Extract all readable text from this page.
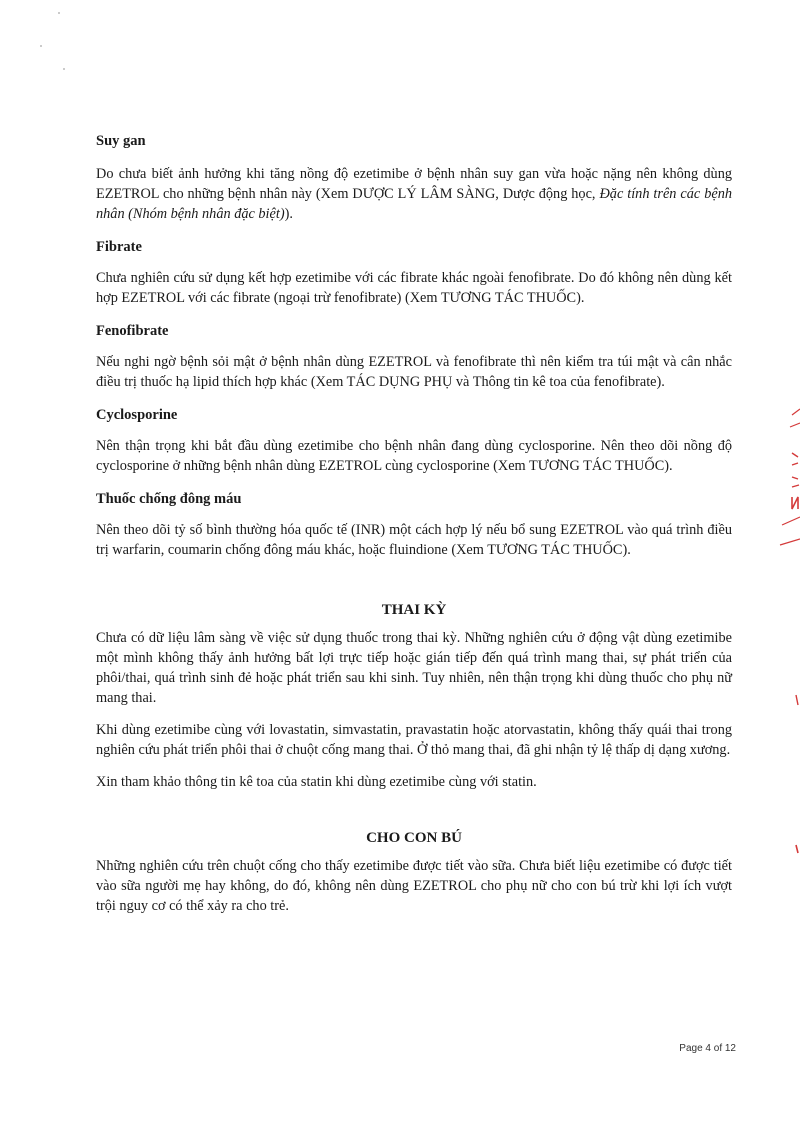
Suy gan

Do chưa biết ảnh hưởng khi tăng nồng độ ezetimibe ở bệnh nhân suy gan vừa hoặc nặng nên không dùng EZETROL cho những bệnh nhân này (Xem DƯỢC LÝ LÂM SÀNG, Dược động học, Đặc tính trên các bệnh nhân (Nhóm bệnh nhân đặc biệt)).

Fibrate

Chưa nghiên cứu sử dụng kết hợp ezetimibe với các fibrate khác ngoài fenofibrate. Do đó không nên dùng kết hợp EZETROL với các fibrate (ngoại trừ fenofibrate) (Xem TƯƠNG TÁC THUỐC).

Fenofibrate

Nếu nghi ngờ bệnh sỏi mật ở bệnh nhân dùng EZETROL và fenofibrate thì nên kiểm tra túi mật và cân nhắc điều trị thuốc hạ lipid thích hợp khác (Xem TÁC DỤNG PHỤ và Thông tin kê toa của fenofibrate).

Cyclosporine

Nên thận trọng khi bắt đầu dùng ezetimibe cho bệnh nhân đang dùng cyclosporine. Nên theo dõi nồng độ cyclosporine ở những bệnh nhân dùng EZETROL cùng cyclosporine (Xem TƯƠNG TÁC THUỐC).

Thuốc chống đông máu

Nên theo dõi tỷ số bình thường hóa quốc tế (INR) một cách hợp lý nếu bổ sung EZETROL vào quá trình điều trị warfarin, coumarin chống đông máu khác, hoặc fluindione (Xem TƯƠNG TÁC THUỐC).

THAI KỲ

Chưa có dữ liệu lâm sàng về việc sử dụng thuốc trong thai kỳ. Những nghiên cứu ở động vật dùng ezetimibe một mình không thấy ảnh hưởng bất lợi trực tiếp hoặc gián tiếp đến quá trình mang thai, sự phát triển của phôi/thai, quá trình sinh đẻ hoặc phát triển sau khi sinh. Tuy nhiên, nên thận trọng khi dùng thuốc cho phụ nữ mang thai.

Khi dùng ezetimibe cùng với lovastatin, simvastatin, pravastatin hoặc atorvastatin, không thấy quái thai trong nghiên cứu phát triển phôi thai ở chuột cống mang thai. Ở thỏ mang thai, đã ghi nhận tỷ lệ thấp dị dạng xương.

Xin tham khảo thông tin kê toa của statin khi dùng ezetimibe cùng với statin.

CHO CON BÚ

Những nghiên cứu trên chuột cống cho thấy ezetimibe được tiết vào sữa. Chưa biết liệu ezetimibe có được tiết vào sữa người mẹ hay không, do đó, không nên dùng EZETROL cho phụ nữ cho con bú trừ khi lợi ích vượt trội nguy cơ có thể xảy ra cho trẻ.

Page 4 of 12
